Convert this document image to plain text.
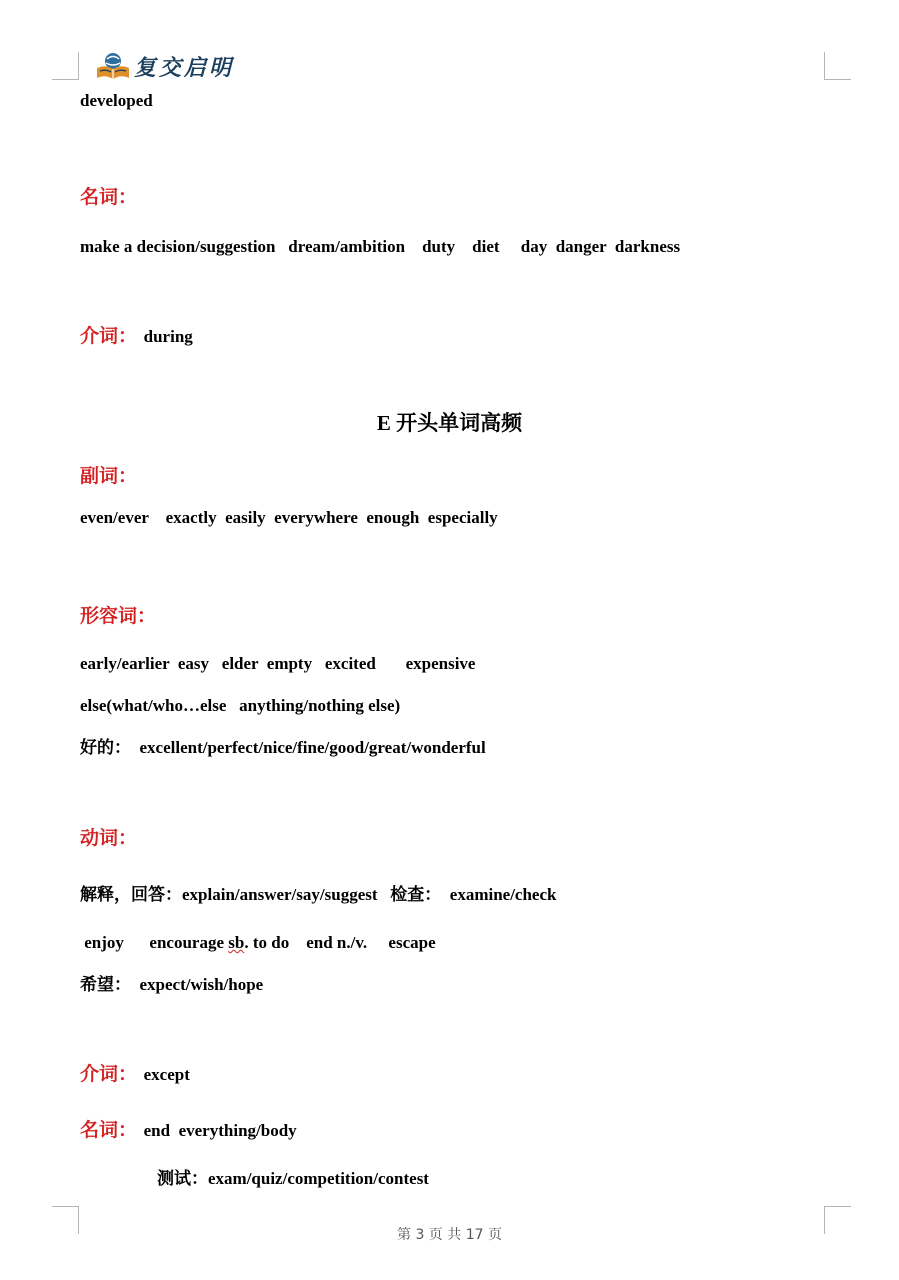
复交启明
developed
名词：
make a decision/suggestion   dream/ambition    duty    diet     day  danger  darkness
介词： during
E 开头单词高频
副词：
even/ever    exactly  easily  everywhere  enough  especially
形容词：
early/earlier  easy   elder  empty   excited       expensive
else(what/who…else   anything/nothing else)
好的：  excellent/perfect/nice/fine/good/great/wonderful
动词：
解释，回答：explain/answer/say/suggest   检查：  examine/check
enjoy      encourage sb. to do    end n./v.     escape
希望：  expect/wish/hope
介词： except
名词： end  everything/body
测试：exam/quiz/competition/contest
第 3 页 共 17 页
